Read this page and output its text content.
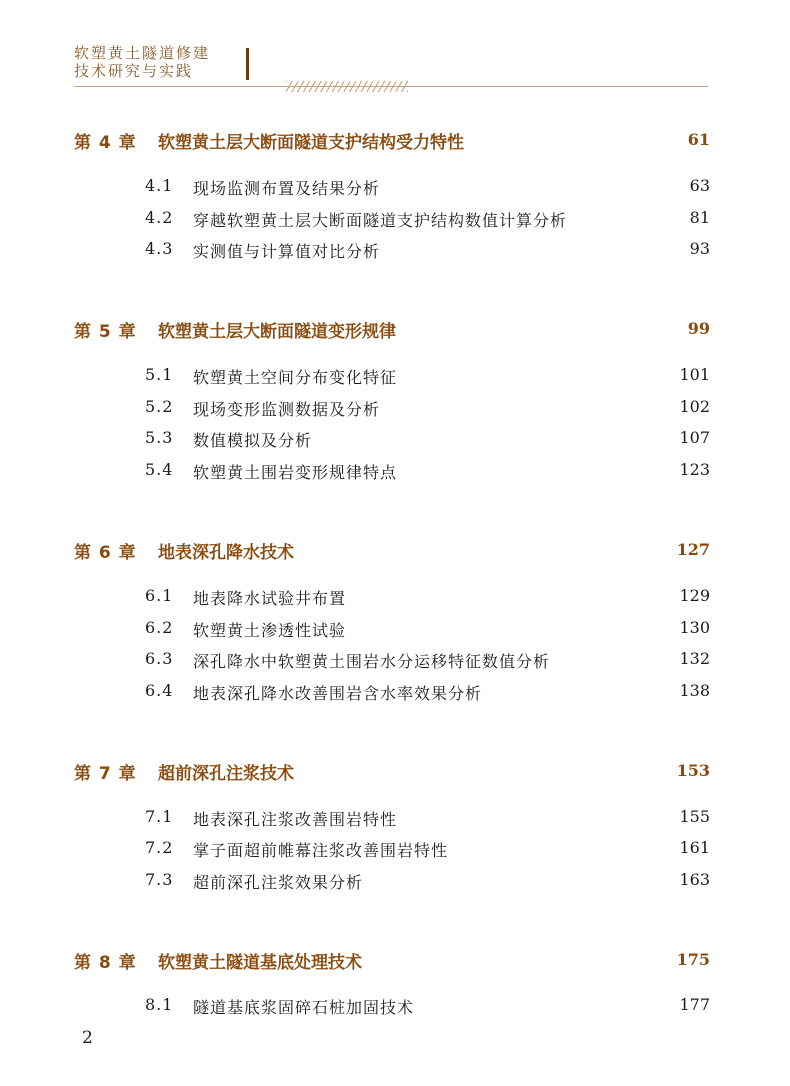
软塑黄土隧道修建
技术研究与实践
第 4 章 软塑黄土层大断面隧道支护结构受力特性	61
4.1 现场监测布置及结果分析	63
4.2 穿越软塑黄土层大断面隧道支护结构数值计算分析	81
4.3 实测值与计算值对比分析	93
第 5 章 软塑黄土层大断面隧道变形规律	99
5.1 软塑黄土空间分布变化特征	101
5.2 现场变形监测数据及分析	102
5.3 数值模拟及分析	107
5.4 软塑黄土围岩变形规律特点	123
第 6 章 地表深孔降水技术	127
6.1 地表降水试验井布置	129
6.2 软塑黄土渗透性试验	130
6.3 深孔降水中软塑黄土围岩水分运移特征数值分析	132
6.4 地表深孔降水改善围岩含水率效果分析	138
第 7 章 超前深孔注浆技术	153
7.1 地表深孔注浆改善围岩特性	155
7.2 掌子面超前帷幕注浆改善围岩特性	161
7.3 超前深孔注浆效果分析	163
第 8 章 软塑黄土隧道基底处理技术	175
8.1 隧道基底浆固碎石桩加固技术	177
2
